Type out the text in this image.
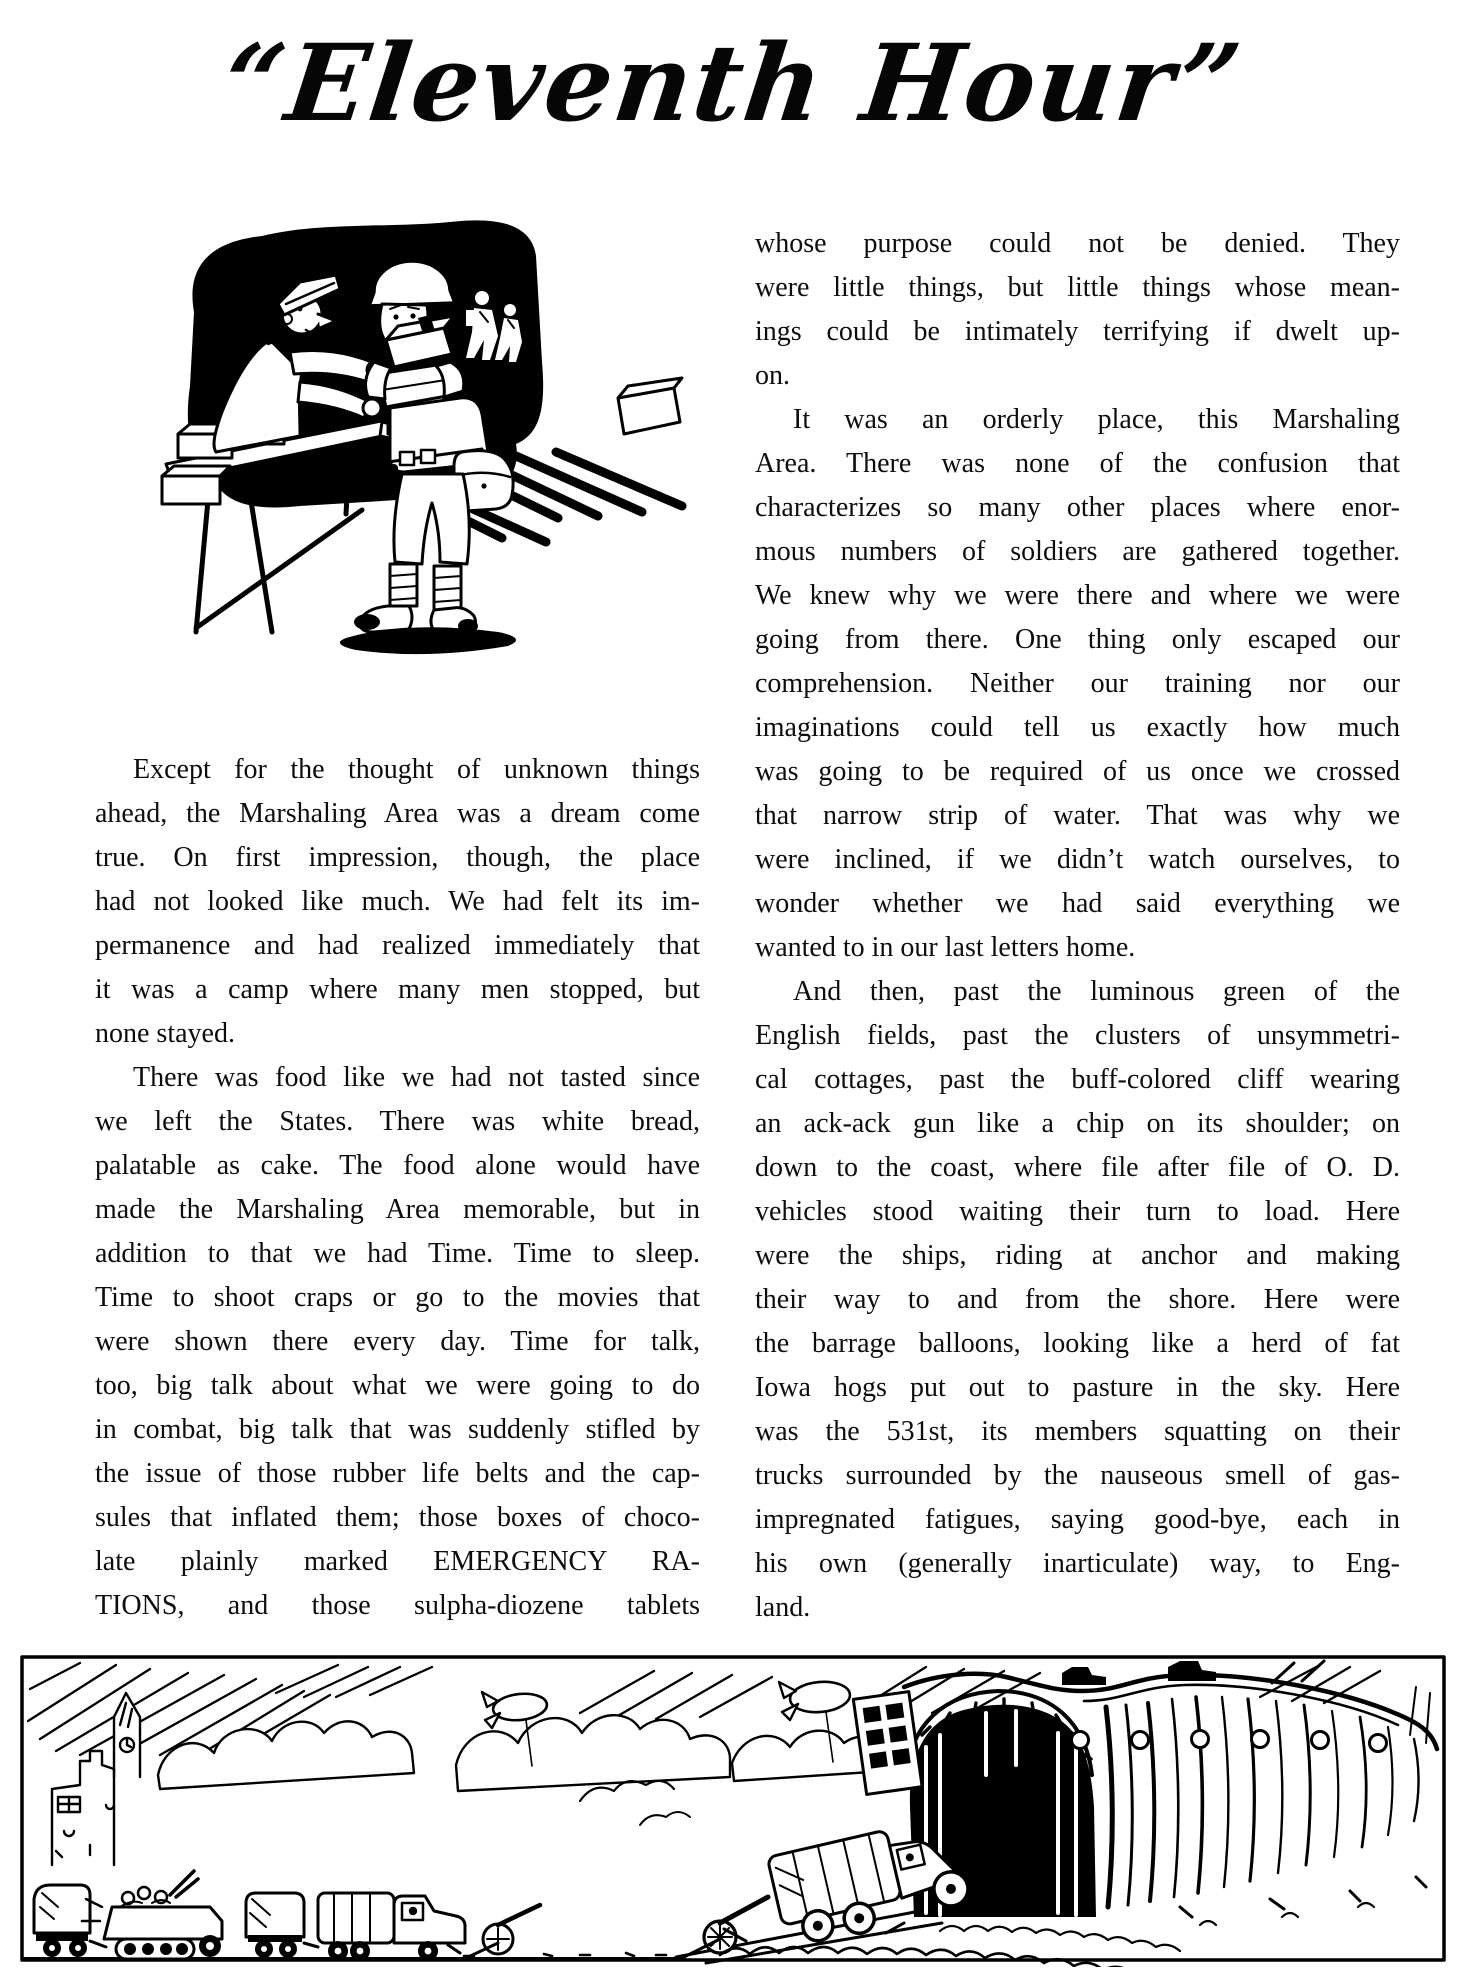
“Eleventh Hour”
Except for the thought of unknown things
ahead, the Marshaling Area was a dream come
true. On first impression, though, the place
had not looked like much. We had felt its im-
permanence and had realized immediately that
it was a camp where many men stopped, but
none stayed.
There was food like we had not tasted since
we left the States. There was white bread,
palatable as cake. The food alone would have
made the Marshaling Area memorable, but in
addition to that we had Time. Time to sleep.
Time to shoot craps or go to the movies that
were shown there every day. Time for talk,
too, big talk about what we were going to do
in combat, big talk that was suddenly stifled by
the issue of those rubber life belts and the cap-
sules that inflated them; those boxes of choco-
late plainly marked EMERGENCY RA-
TIONS, and those sulpha-diozene tablets
whose purpose could not be denied. They
were little things, but little things whose mean-
ings could be intimately terrifying if dwelt up-
on.
It was an orderly place, this Marshaling
Area. There was none of the confusion that
characterizes so many other places where enor-
mous numbers of soldiers are gathered together.
We knew why we were there and where we were
going from there. One thing only escaped our
comprehension. Neither our training nor our
imaginations could tell us exactly how much
was going to be required of us once we crossed
that narrow strip of water. That was why we
were inclined, if we didn’t watch ourselves, to
wonder whether we had said everything we
wanted to in our last letters home.
And then, past the luminous green of the
English fields, past the clusters of unsymmetri-
cal cottages, past the buff-colored cliff wearing
an ack-ack gun like a chip on its shoulder; on
down to the coast, where file after file of O. D.
vehicles stood waiting their turn to load. Here
were the ships, riding at anchor and making
their way to and from the shore. Here were
the barrage balloons, looking like a herd of fat
Iowa hogs put out to pasture in the sky. Here
was the 531st, its members squatting on their
trucks surrounded by the nauseous smell of gas-
impregnated fatigues, saying good-bye, each in
his own (generally inarticulate) way, to Eng-
land.
